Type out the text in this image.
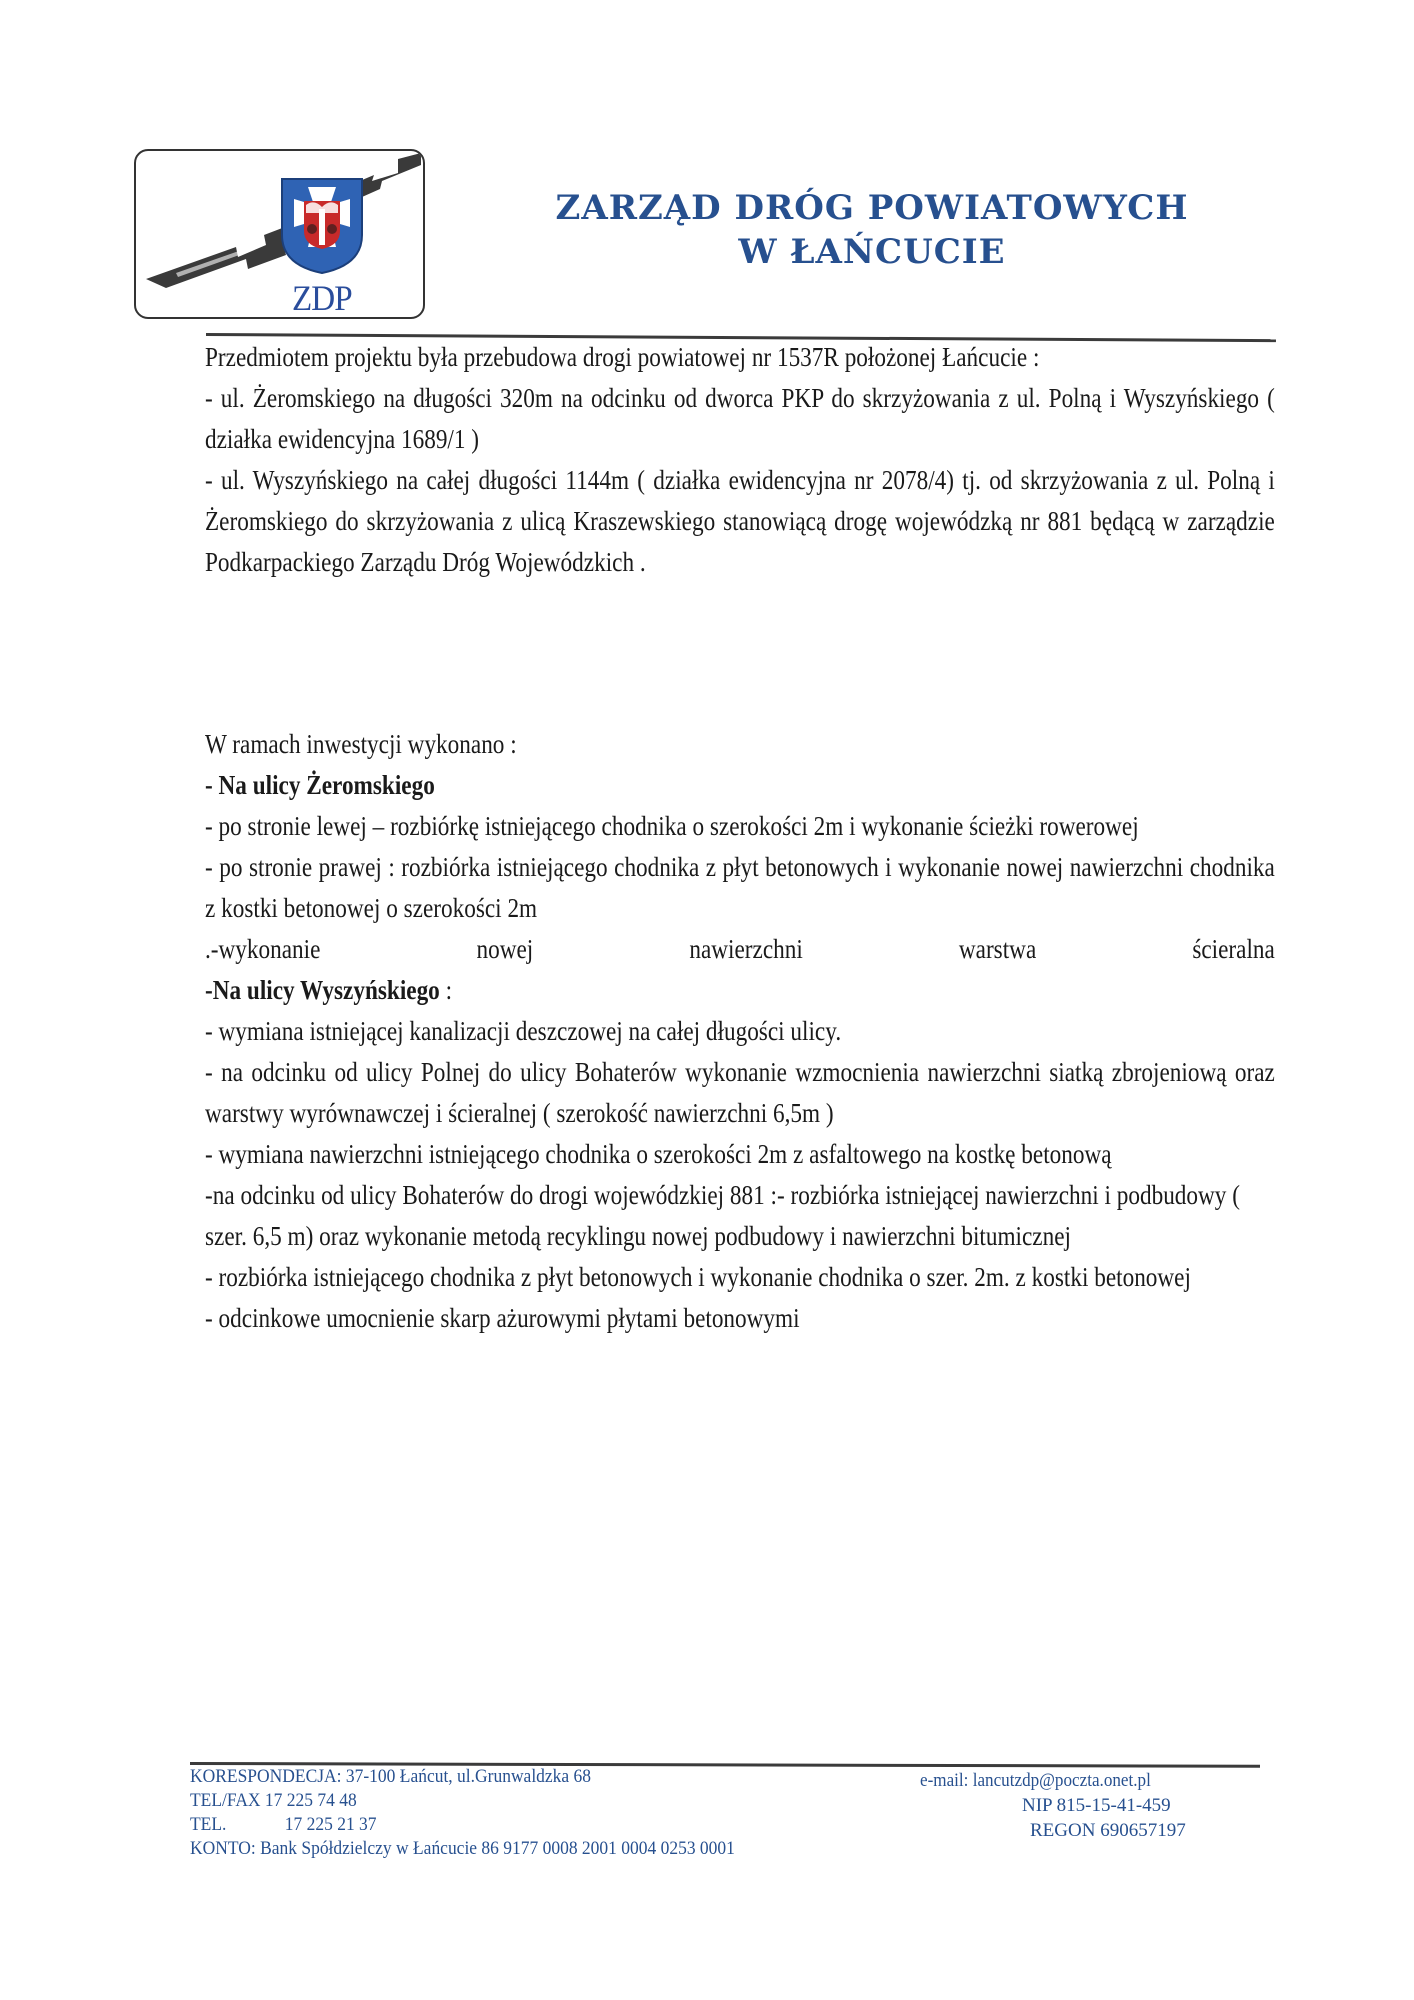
ZDP
ZARZĄD DRÓG POWIATOWYCH
W ŁAŃCUCIE

Przedmiotem projektu była przebudowa drogi powiatowej nr 1537R położonej Łańcucie :

- ul. Żeromskiego na długości 320m na odcinku od dworca PKP do skrzyżowania z ul. Polną i Wyszyńskiego ( działka ewidencyjna 1689/1 )

- ul. Wyszyńskiego na całej długości 1144m ( działka ewidencyjna nr 2078/4) tj. od skrzyżowania z ul. Polną i Żeromskiego do skrzyżowania z ulicą Kraszewskiego stanowiącą drogę wojewódzką nr 881 będącą w zarządzie Podkarpackiego Zarządu Dróg Wojewódzkich .

W ramach inwestycji wykonano :

- Na ulicy Żeromskiego

- po stronie lewej – rozbiórkę istniejącego chodnika o szerokości 2m i wykonanie ścieżki rowerowej

- po stronie prawej : rozbiórka istniejącego chodnika z płyt betonowych i wykonanie nowej nawierzchni chodnika z kostki betonowej o szerokości 2m

.-wykonanie nowej nawierzchni warstwa ścieralna

-Na ulicy Wyszyńskiego :

- wymiana istniejącej kanalizacji deszczowej na całej długości ulicy.

- na odcinku od ulicy Polnej do ulicy Bohaterów wykonanie wzmocnienia nawierzchni siatką zbrojeniową oraz warstwy wyrównawczej i ścieralnej ( szerokość nawierzchni 6,5m )

- wymiana nawierzchni istniejącego chodnika o szerokości 2m z asfaltowego na kostkę betonową

-na odcinku od ulicy Bohaterów do drogi wojewódzkiej 881 :- rozbiórka istniejącej nawierzchni i podbudowy ( szer. 6,5 m) oraz wykonanie metodą recyklingu nowej podbudowy i nawierzchni bitumicznej

- rozbiórka istniejącego chodnika z płyt betonowych i wykonanie chodnika o szer. 2m. z kostki betonowej

- odcinkowe umocnienie skarp ażurowymi płytami betonowymi

KORESPONDECJA: 37-100 Łańcut, ul.Grunwaldzka 68
TEL/FAX 17 225 74 48
TEL.	17 225 21 37
KONTO: Bank Spółdzielczy w Łańcucie 86 9177 0008 2001 0004 0253 0001
e-mail: lancutzdp@poczta.onet.pl
NIP 815-15-41-459
REGON 690657197
